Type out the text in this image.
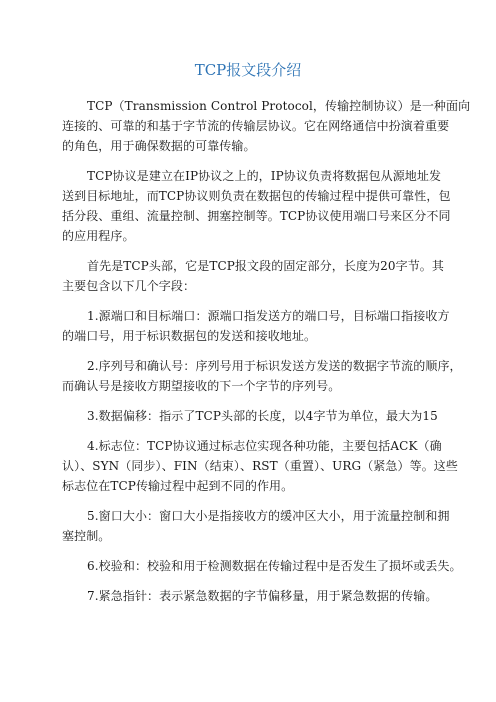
TCP报文段介绍

TCP（Transmission Control Protocol，传输控制协议）是一种面向
连接的、可靠的和基于字节流的传输层协议。它在网络通信中扮演着重要
的角色，用于确保数据的可靠传输。

TCP协议是建立在IP协议之上的，IP协议负责将数据包从源地址发
送到目标地址，而TCP协议则负责在数据包的传输过程中提供可靠性，包
括分段、重组、流量控制、拥塞控制等。TCP协议使用端口号来区分不同
的应用程序。

首先是TCP头部，它是TCP报文段的固定部分，长度为20字节。其
主要包含以下几个字段：

1.源端口和目标端口：源端口指发送方的端口号，目标端口指接收方
的端口号，用于标识数据包的发送和接收地址。

2.序列号和确认号：序列号用于标识发送方发送的数据字节流的顺序，
而确认号是接收方期望接收的下一个字节的序列号。

3.数据偏移：指示了TCP头部的长度，以4字节为单位，最大为15

4.标志位：TCP协议通过标志位实现各种功能，主要包括ACK（确
认）、SYN（同步）、FIN（结束）、RST（重置）、URG（紧急）等。这些
标志位在TCP传输过程中起到不同的作用。

5.窗口大小：窗口大小是指接收方的缓冲区大小，用于流量控制和拥
塞控制。

6.校验和：校验和用于检测数据在传输过程中是否发生了损坏或丢失。

7.紧急指针：表示紧急数据的字节偏移量，用于紧急数据的传输。
